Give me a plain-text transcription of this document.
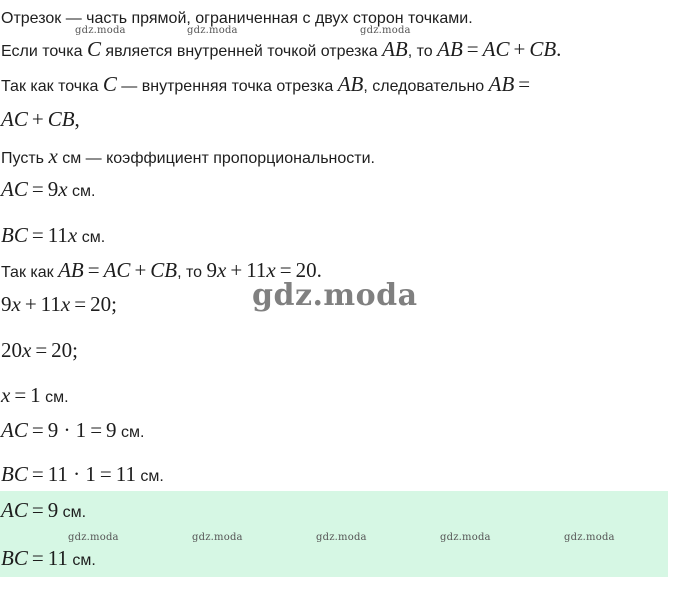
gdz.moda	gdz.moda	gdz.moda
gdz.moda	gdz.moda	gdz.moda	gdz.moda	gdz.moda
gdz.moda
Отрезок — часть прямой, ограниченная с двух сторон точками.
Если точка C является внутренней точкой отрезка AB, то AB = AC + CB.
Так как точка C — внутренняя точка отрезка AB, следовательно AB =
AC + CB,
Пусть x см — коэффициент пропорциональности.
AC = 9x см.
BC = 11x см.
Так как AB = AC + CB, то 9x + 11x = 20.
9x + 11x = 20;
20x = 20;
x = 1 см.
AC = 9 · 1 = 9 см.
BC = 11 · 1 = 11 см.
AC = 9 см.
BC = 11 см.
